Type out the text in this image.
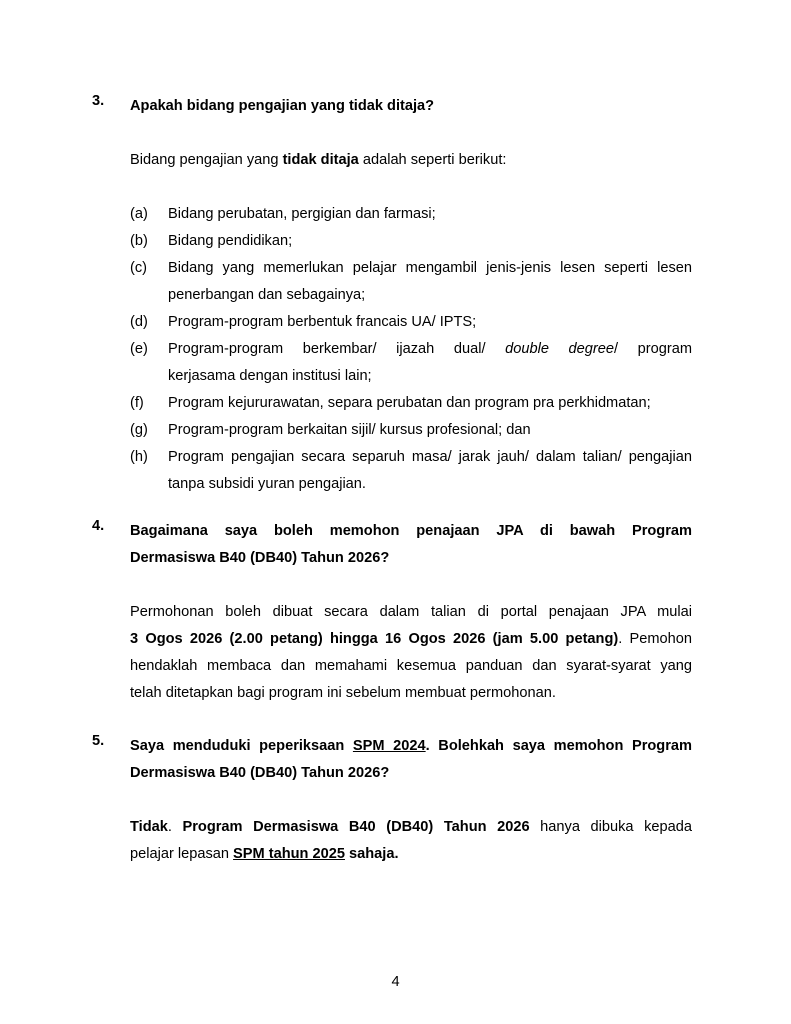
3. Apakah bidang pengajian yang tidak ditaja?
Bidang pengajian yang tidak ditaja adalah seperti berikut:
(a) Bidang perubatan, pergigian dan farmasi;
(b) Bidang pendidikan;
(c) Bidang yang memerlukan pelajar mengambil jenis-jenis lesen seperti lesen
penerbangan dan sebagainya;
(d) Program-program berbentuk francais UA/ IPTS;
(e) Program-program berkembar/ ijazah dual/ double degree/ program
kerjasama dengan institusi lain;
(f) Program kejururawatan, separa perubatan dan program pra perkhidmatan;
(g) Program-program berkaitan sijil/ kursus profesional; dan
(h) Program pengajian secara separuh masa/ jarak jauh/ dalam talian/ pengajian
tanpa subsidi yuran pengajian.
4. Bagaimana saya boleh memohon penajaan JPA di bawah Program
Dermasiswa B40 (DB40) Tahun 2026?
Permohonan boleh dibuat secara dalam talian di portal penajaan JPA mulai
3 Ogos 2026 (2.00 petang) hingga 16 Ogos 2026 (jam 5.00 petang). Pemohon
hendaklah membaca dan memahami kesemua panduan dan syarat-syarat yang
telah ditetapkan bagi program ini sebelum membuat permohonan.
5. Saya menduduki peperiksaan SPM 2024. Bolehkah saya memohon Program
Dermasiswa B40 (DB40) Tahun 2026?
Tidak. Program Dermasiswa B40 (DB40) Tahun 2026 hanya dibuka kepada
pelajar lepasan SPM tahun 2025 sahaja.
4
